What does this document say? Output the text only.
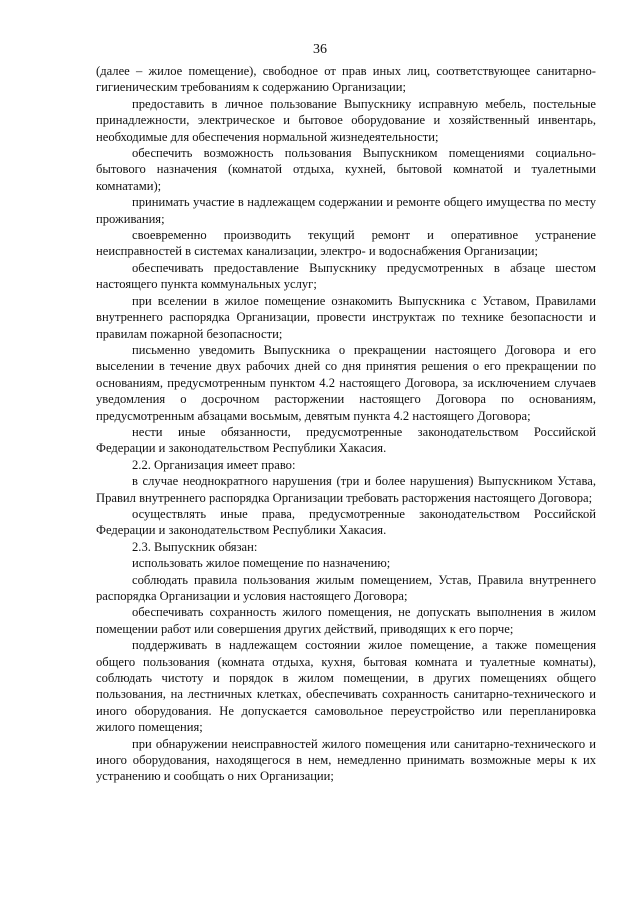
36

(далее – жилое помещение), свободное от прав иных лиц, соответствующее санитарно-гигиеническим требованиям к содержанию Организации;

предоставить в личное пользование Выпускнику исправную мебель, постельные принадлежности, электрическое и бытовое оборудование и хозяйственный инвентарь, необходимые для обеспечения нормальной жизнедеятельности;

обеспечить возможность пользования Выпускником помещениями социально-бытового назначения (комнатой отдыха, кухней, бытовой комнатой и туалетными комнатами);

принимать участие в надлежащем содержании и ремонте общего имущества по месту проживания;

своевременно производить текущий ремонт и оперативное устранение неисправностей в системах канализации, электро- и водоснабжения Организации;

обеспечивать предоставление Выпускнику предусмотренных в абзаце шестом настоящего пункта коммунальных услуг;

при вселении в жилое помещение ознакомить Выпускника с Уставом, Правилами внутреннего распорядка Организации, провести инструктаж по технике безопасности и правилам пожарной безопасности;

письменно уведомить Выпускника о прекращении настоящего Договора и его выселении в течение двух рабочих дней со дня принятия решения о его прекращении по основаниям, предусмотренным пунктом 4.2 настоящего Договора, за исключением случаев уведомления о досрочном расторжении настоящего Договора по основаниям, предусмотренным абзацами восьмым, девятым пункта 4.2 настоящего Договора;

нести иные обязанности, предусмотренные законодательством Российской Федерации и законодательством Республики Хакасия.

2.2. Организация имеет право:

в случае неоднократного нарушения (три и более нарушения) Выпускником Устава, Правил внутреннего распорядка Организации требовать расторжения настоящего Договора;

осуществлять иные права, предусмотренные законодательством Российской Федерации и законодательством Республики Хакасия.

2.3. Выпускник обязан:

использовать жилое помещение по назначению;

соблюдать правила пользования жилым помещением, Устав, Правила внутреннего распорядка Организации и условия настоящего Договора;

обеспечивать сохранность жилого помещения, не допускать выполнения в жилом помещении работ или совершения других действий, приводящих к его порче;

поддерживать в надлежащем состоянии жилое помещение, а также помещения общего пользования (комната отдыха, кухня, бытовая комната и туалетные комнаты), соблюдать чистоту и порядок в жилом помещении, в других помещениях общего пользования, на лестничных клетках, обеспечивать сохранность санитарно-технического и иного оборудования. Не допускается самовольное переустройство или перепланировка жилого помещения;

при обнаружении неисправностей жилого помещения или санитарно-технического и иного оборудования, находящегося в нем, немедленно принимать возможные меры к их устранению и сообщать о них Организации;
